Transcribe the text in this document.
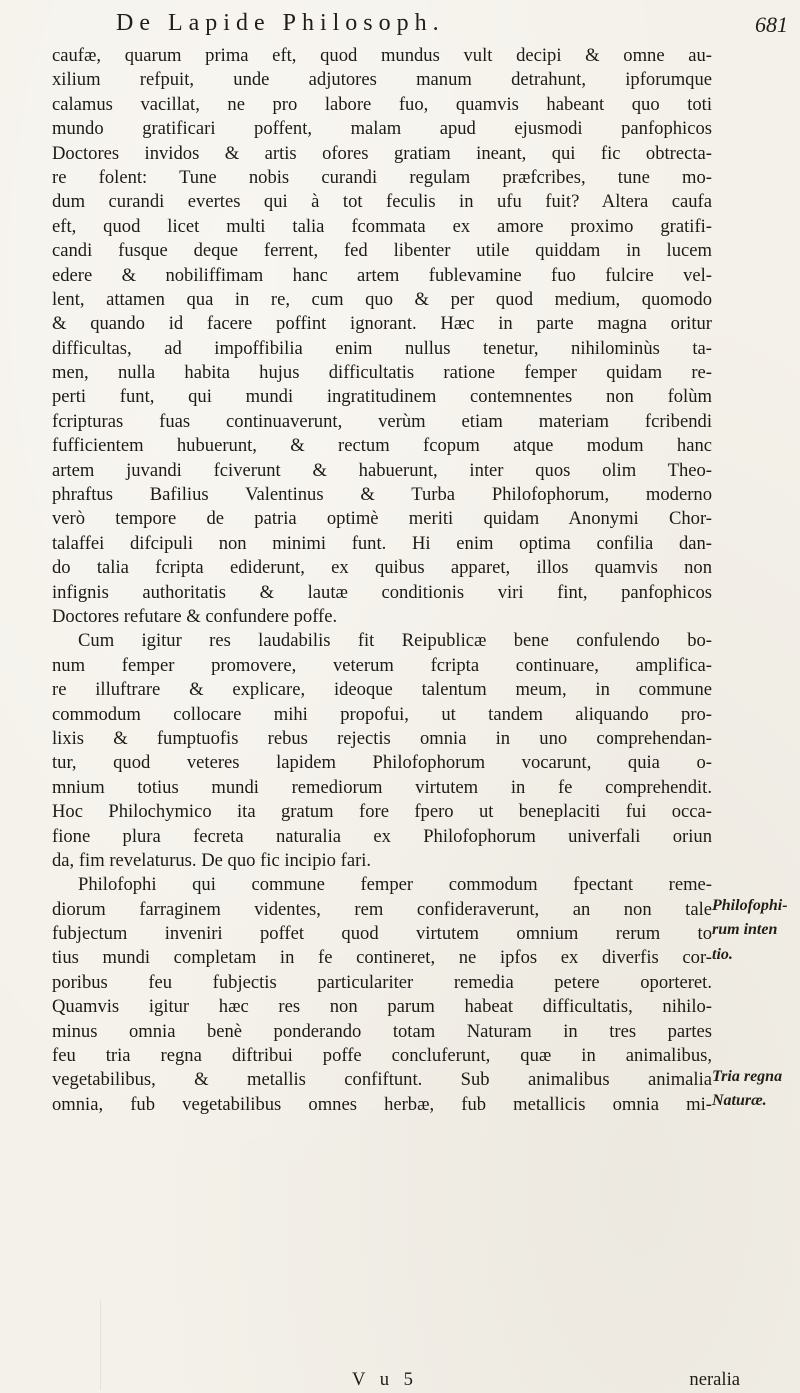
De Lapide Philosoph.	681
caufæ, quarum prima eft, quod mundus vult decipi & omne au-
xilium refpuit, unde adjutores manum detrahunt, ipforumque
calamus vacillat, ne pro labore fuo, quamvis habeant quo toti
mundo gratificari poffent, malam apud ejusmodi panfophicos
Doctores invidos & artis ofores gratiam ineant, qui fic obtrecta-
re folent: Tune nobis curandi regulam præfcribes, tune mo-
dum curandi evertes qui à tot feculis in ufu fuit? Altera caufa
eft, quod licet multi talia fcommata ex amore proximo gratifi-
candi fusque deque ferrent, fed libenter utile quiddam in lucem
edere & nobiliffimam hanc artem fublevamine fuo fulcire vel-
lent, attamen qua in re, cum quo & per quod medium, quomodo
& quando id facere poffint ignorant. Hæc in parte magna oritur
difficultas, ad impoffibilia enim nullus tenetur, nihilominùs ta-
men, nulla habita hujus difficultatis ratione femper quidam re-
perti funt, qui mundi ingratitudinem contemnentes non folùm
fcripturas fuas continuaverunt, verùm etiam materiam fcribendi
fufficientem hubuerunt, & rectum fcopum atque modum hanc
artem juvandi fciverunt & habuerunt, inter quos olim Theo-
phraftus Bafilius Valentinus & Turba Philofophorum, moderno
verò tempore de patria optimè meriti quidam Anonymi Chor-
talaffei difcipuli non minimi funt. Hi enim optima confilia dan-
do talia fcripta ediderunt, ex quibus apparet, illos quamvis non
infignis authoritatis & lautæ conditionis viri fint, panfophicos
Doctores refutare & confundere poffe.
Cum igitur res laudabilis fit Reipublicæ bene confulendo bo-
num femper promovere, veterum fcripta continuare, amplifica-
re illuftrare & explicare, ideoque talentum meum, in commune
commodum collocare mihi propofui, ut tandem aliquando pro-
lixis & fumptuofis rebus rejectis omnia in uno comprehendan-
tur, quod veteres lapidem Philofophorum vocarunt, quia o-
mnium totius mundi remediorum virtutem in fe comprehendit.
Hoc Philochymico ita gratum fore fpero ut beneplaciti fui occa-
fione plura fecreta naturalia ex Philofophorum univerfali oriun
da, fim revelaturus. De quo fic incipio fari.
Philofophi qui commune femper commodum fpectant reme-
diorum farraginem videntes, rem confideraverunt, an non tale
fubjectum inveniri poffet quod virtutem omnium rerum to
tius mundi completam in fe contineret, ne ipfos ex diverfis cor-
poribus feu fubjectis particulariter remedia petere oporteret.
Quamvis igitur hæc res non parum habeat difficultatis, nihilo-
minus omnia benè ponderando totam Naturam in tres partes
feu tria regna diftribui poffe concluferunt, quæ in animalibus,
vegetabilibus, & metallis confiftunt. Sub animalibus animalia
omnia, fub vegetabilibus omnes herbæ, fub metallicis omnia mi-
Philofophi-
rum inten
tio.
Tria regna
Naturæ.
V u 5	neralia
